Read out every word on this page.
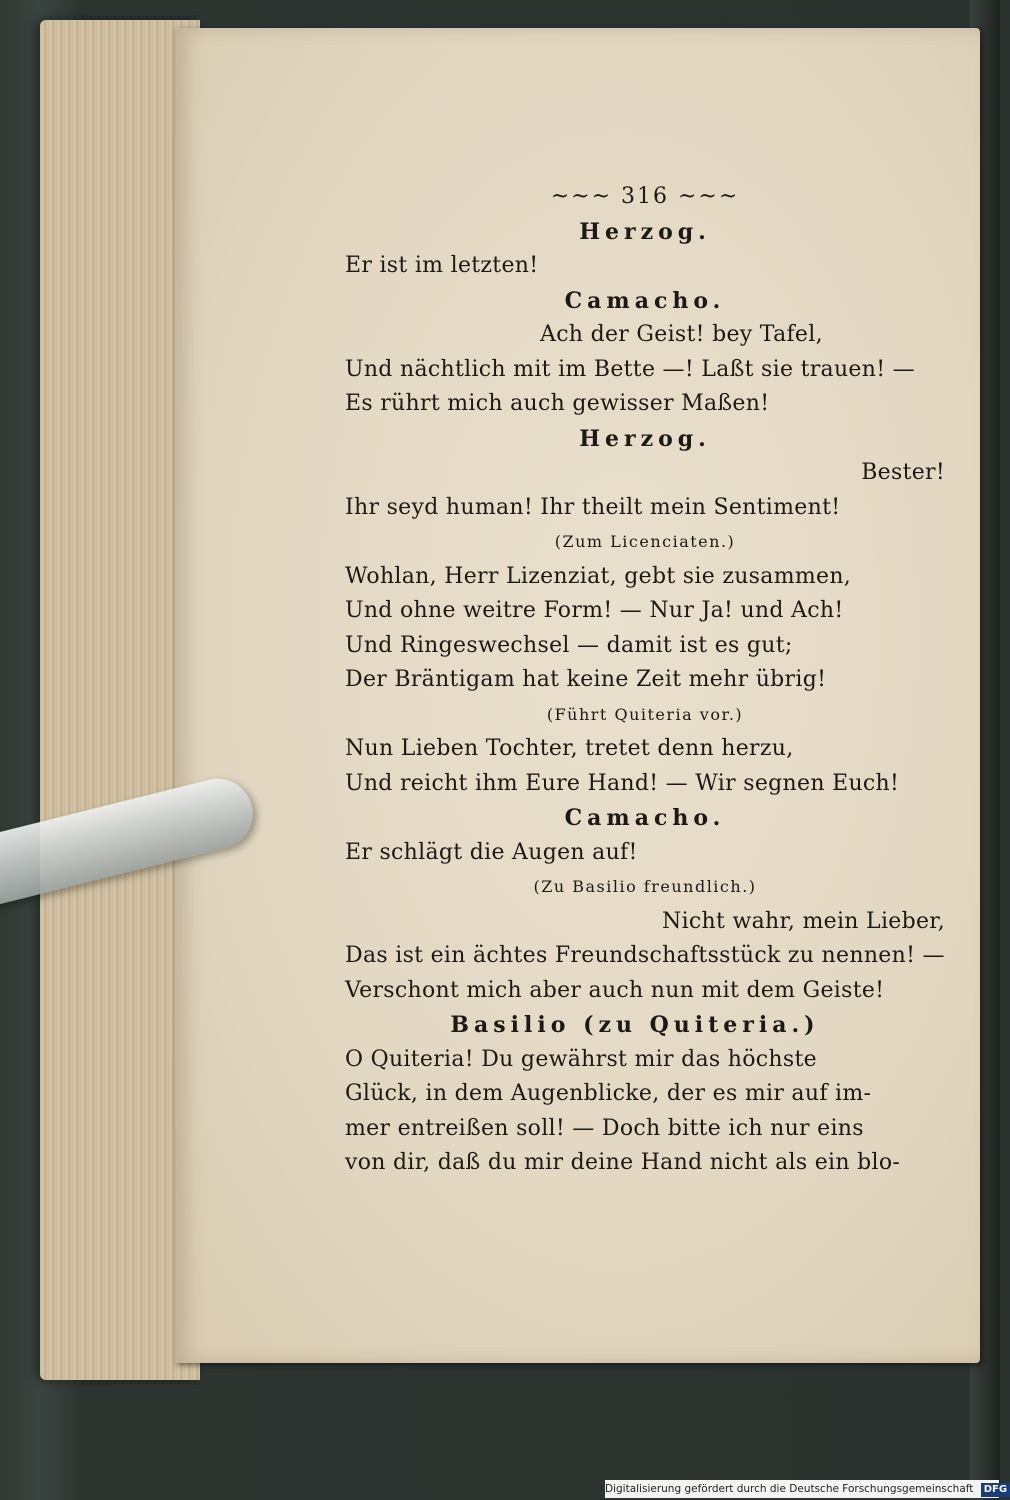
~~~ 316 ~~~
Herzog.
Er ist im letzten!
Camacho.
Ach der Geist! bey Tafel,
Und nächtlich mit im Bette —! Laßt sie trauen! —
Es rührt mich auch gewisser Maßen!
Herzog.
Bester!
Ihr seyd human! Ihr theilt mein Sentiment!
(Zum Licenciaten.)
Wohlan, Herr Lizenziat, gebt sie zusammen,
Und ohne weitre Form! — Nur Ja! und Ach!
Und Ringeswechsel — damit ist es gut;
Der Bräntigam hat keine Zeit mehr übrig!
(Führt Quiteria vor.)
Nun Lieben Tochter, tretet denn herzu,
Und reicht ihm Eure Hand! — Wir segnen Euch!
Camacho.
Er schlägt die Augen auf!
(Zu Basilio freundlich.)
Nicht wahr, mein Lieber,
Das ist ein ächtes Freundschaftsstück zu nennen! —
Verschont mich aber auch nun mit dem Geiste!
Basilio (zu Quiteria.)
O Quiteria! Du gewährst mir das höchste
Glück, in dem Augenblicke, der es mir auf im-
mer entreißen soll! — Doch bitte ich nur eins
von dir, daß du mir deine Hand nicht als ein blo-
Digitalisierung gefördert durch die Deutsche Forschungsgemeinschaft DFG
